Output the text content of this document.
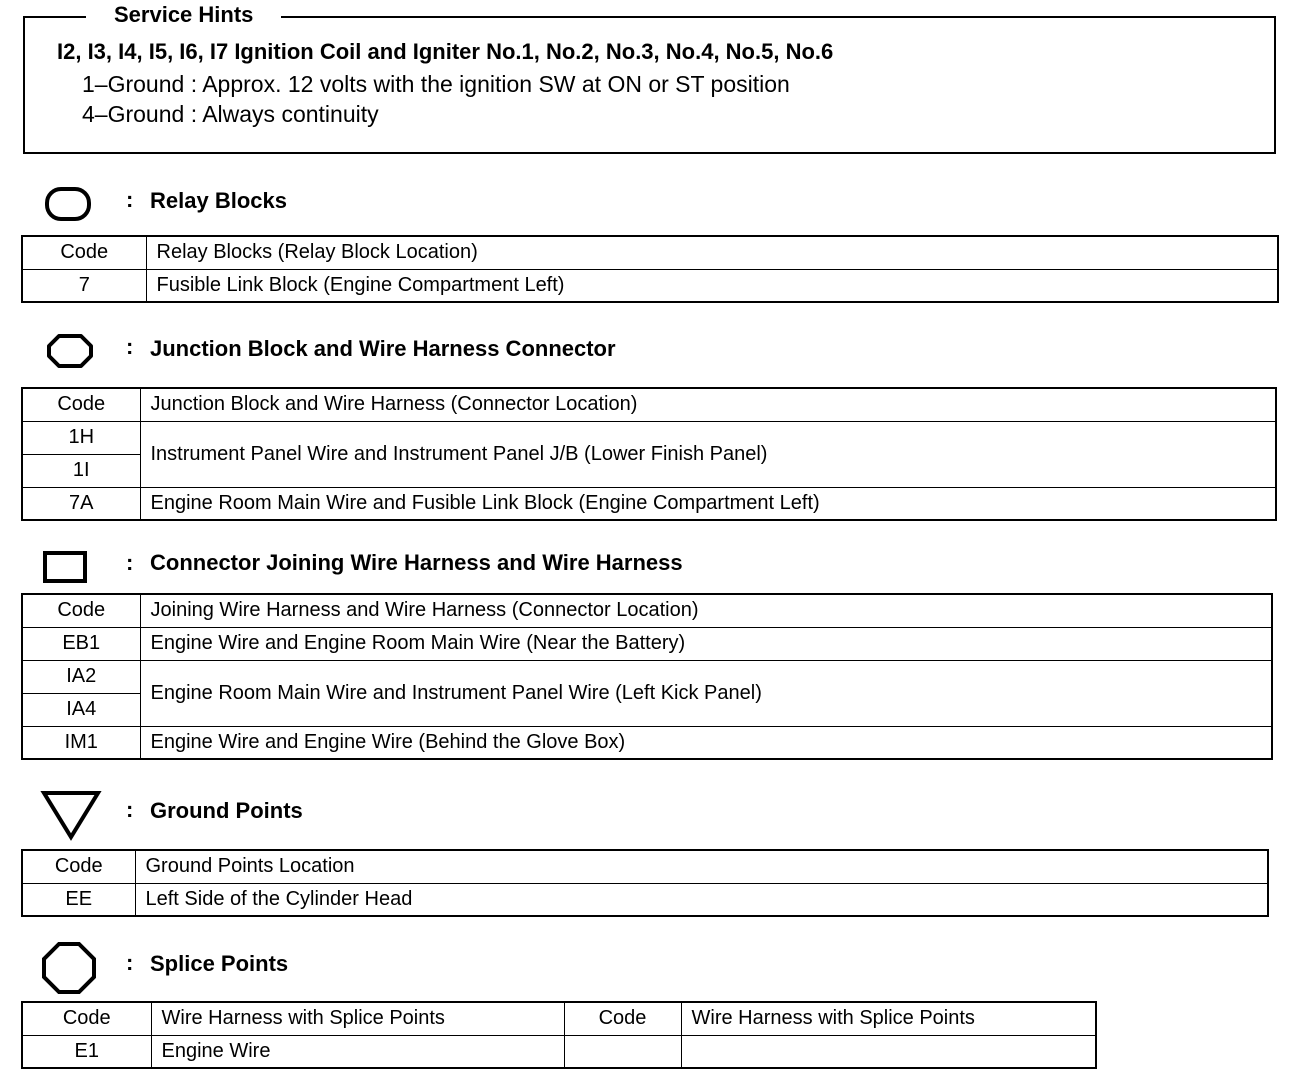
Service Hints
I2, I3, I4, I5, I6, I7 Ignition Coil and Igniter No.1, No.2, No.3, No.4, No.5, No.6
1–Ground : Approx. 12 volts with the ignition SW at ON or ST position
4–Ground : Always continuity
: Relay Blocks
Code	Relay Blocks (Relay Block Location)
7	Fusible Link Block (Engine Compartment Left)
: Junction Block and Wire Harness Connector
Code	Junction Block and Wire Harness (Connector Location)
1H	Instrument Panel Wire and Instrument Panel J/B (Lower Finish Panel)
1I	
7A	Engine Room Main Wire and Fusible Link Block (Engine Compartment Left)
: Connector Joining Wire Harness and Wire Harness
Code	Joining Wire Harness and Wire Harness (Connector Location)
EB1	Engine Wire and Engine Room Main Wire (Near the Battery)
IA2	Engine Room Main Wire and Instrument Panel Wire (Left Kick Panel)
IA4	
IM1	Engine Wire and Engine Wire (Behind the Glove Box)
: Ground Points
Code	Ground Points Location
EE	Left Side of the Cylinder Head
: Splice Points
Code	Wire Harness with Splice Points	Code	Wire Harness with Splice Points
E1	Engine Wire		
